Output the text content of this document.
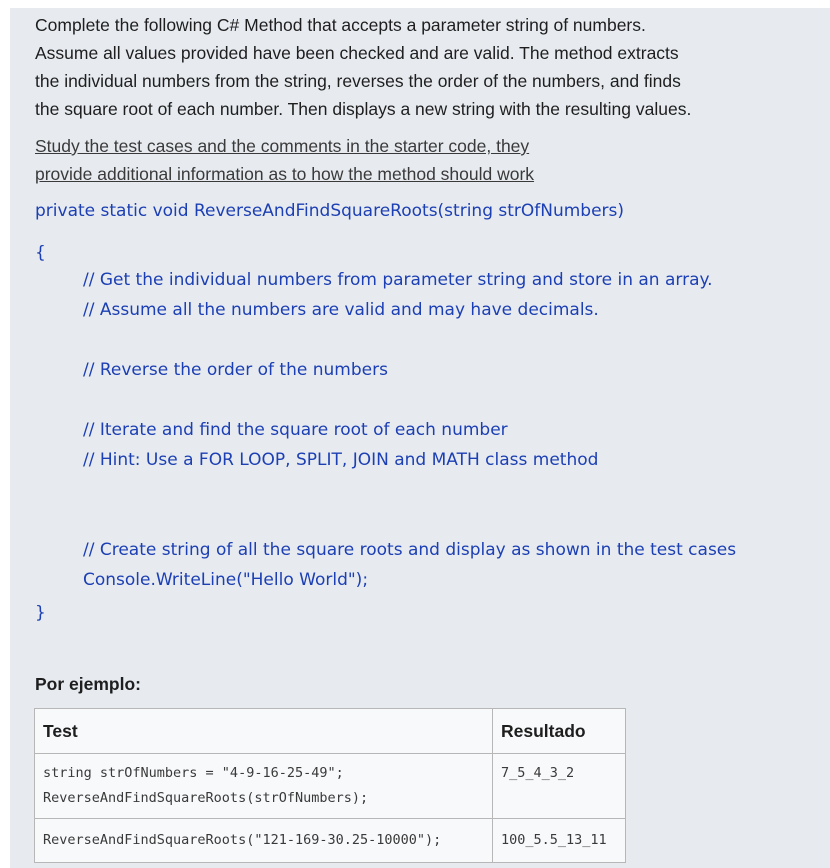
Complete the following C# Method that accepts a parameter string of numbers.
Assume all values provided have been checked and are valid. The method extracts
the individual numbers from the string, reverses the order of the numbers, and finds
the square root of each number. Then displays a new string with the resulting values.
Study the test cases and the comments in the starter code, they
provide additional information as to how the method should work
private static void ReverseAndFindSquareRoots(string strOfNumbers)
{
// Get the individual numbers from parameter string and store in an array.
// Assume all the numbers are valid and may have decimals.
// Reverse the order of the numbers
// Iterate and find the square root of each number
// Hint: Use a FOR LOOP, SPLIT, JOIN and MATH class method
// Create string of all the square roots and display as shown in the test cases
Console.WriteLine("Hello World");
}
Por ejemplo:
Test	Resultado

string strOfNumbers = "4-9-16-25-49";
ReverseAndFindSquareRoots(strOfNumbers);	7_5_4_3_2

ReverseAndFindSquareRoots("121-169-30.25-10000");	100_5.5_13_11
